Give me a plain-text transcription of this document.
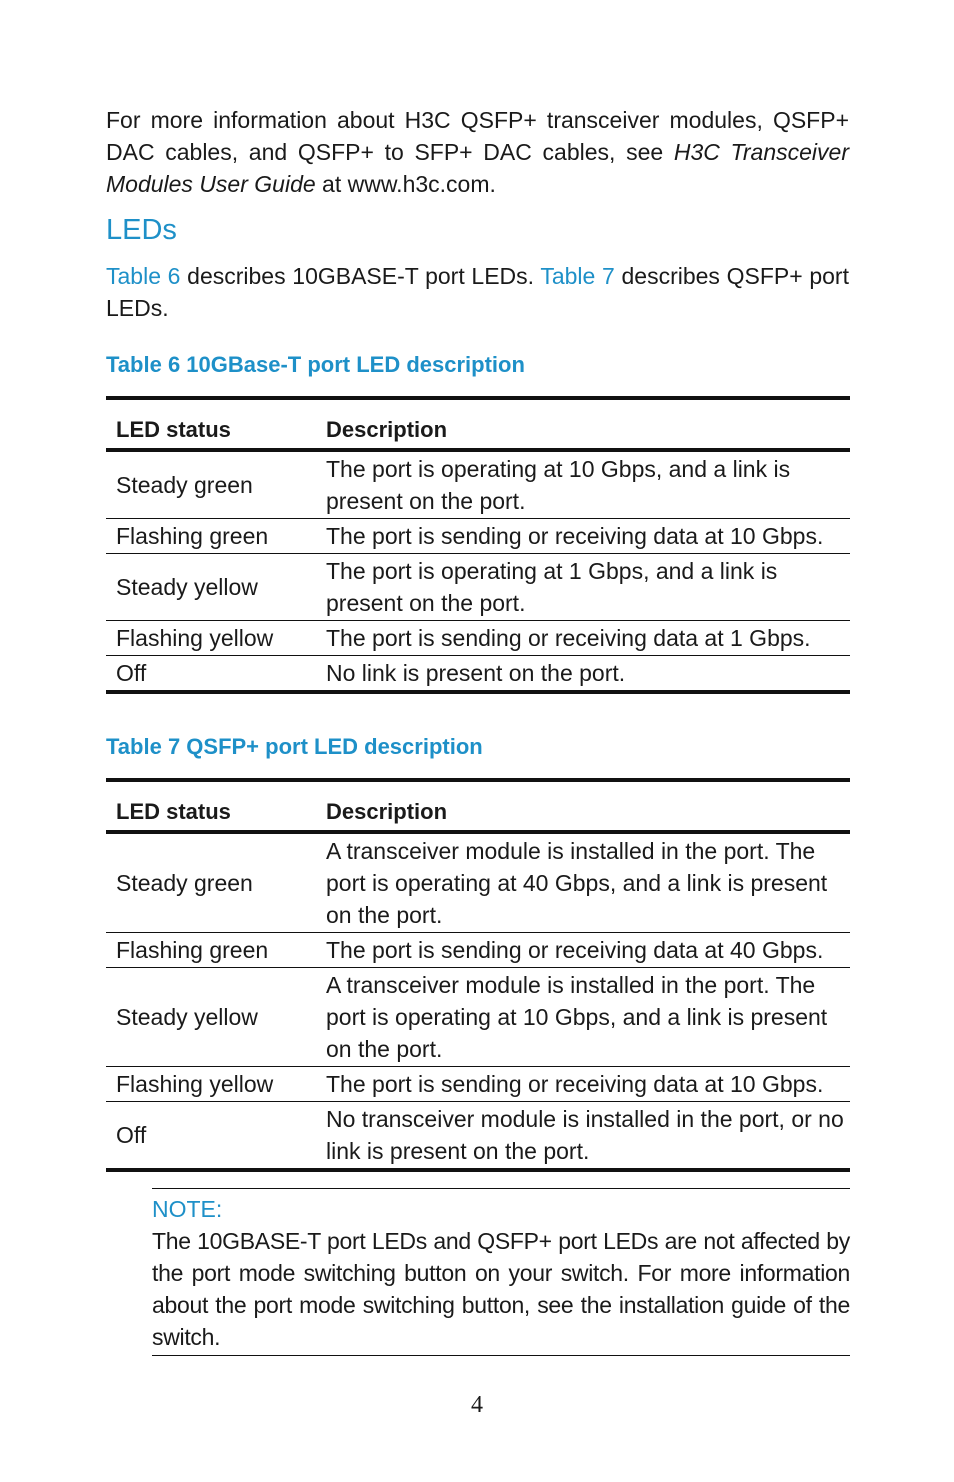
For more information about H3C QSFP+ transceiver modules, QSFP+ DAC cables, and QSFP+ to SFP+ DAC cables, see H3C Transceiver Modules User Guide at www.h3c.com.

LEDs

Table 6 describes 10GBASE-T port LEDs. Table 7 describes QSFP+ port LEDs.

Table 6 10GBase-T port LED description
LED status	Description
Steady green	The port is operating at 10 Gbps, and a link is present on the port.
Flashing green	The port is sending or receiving data at 10 Gbps.
Steady yellow	The port is operating at 1 Gbps, and a link is present on the port.
Flashing yellow	The port is sending or receiving data at 1 Gbps.
Off	No link is present on the port.
Table 7 QSFP+ port LED description
LED status	Description
Steady green	A transceiver module is installed in the port. The port is operating at 40 Gbps, and a link is present on the port.
Flashing green	The port is sending or receiving data at 40 Gbps.
Steady yellow	A transceiver module is installed in the port. The port is operating at 10 Gbps, and a link is present on the port.
Flashing yellow	The port is sending or receiving data at 10 Gbps.
Off	No transceiver module is installed in the port, or no link is present on the port.
NOTE:
The 10GBASE-T port LEDs and QSFP+ port LEDs are not affected by the port mode switching button on your switch. For more information about the port mode switching button, see the installation guide of the switch.
4
